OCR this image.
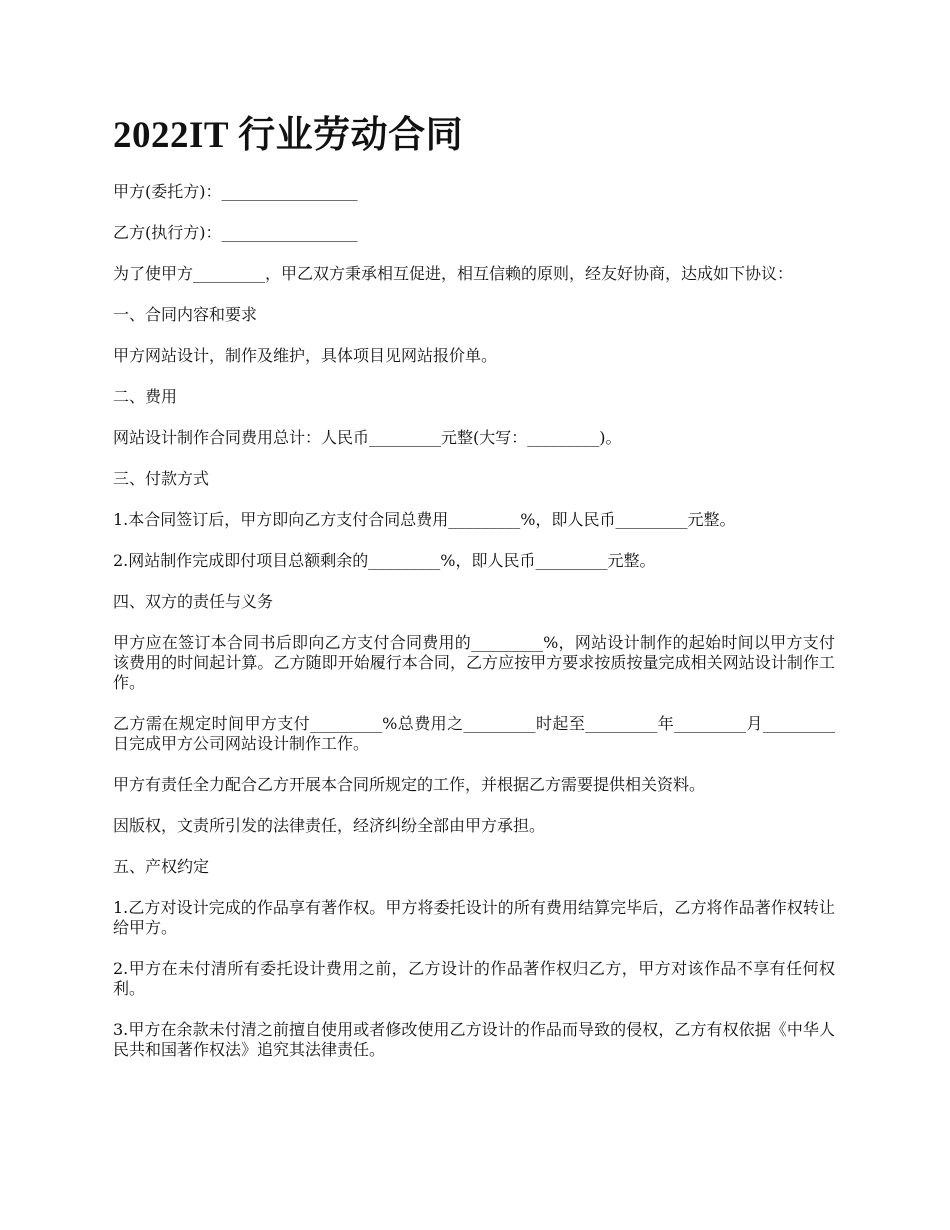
2022IT 行业劳动合同

甲方(委托方)：_________________

乙方(执行方)：_________________

为了使甲方_________，甲乙双方秉承相互促进，相互信赖的原则，经友好协商，达成如下协议：

一、合同内容和要求

甲方网站设计，制作及维护，具体项目见网站报价单。

二、费用

网站设计制作合同费用总计：人民币_________元整(大写：_________)。

三、付款方式

1.本合同签订后，甲方即向乙方支付合同总费用_________%，即人民币_________元整。

2.网站制作完成即付项目总额剩余的_________%，即人民币_________元整。

四、双方的责任与义务

甲方应在签订本合同书后即向乙方支付合同费用的_________%，网站设计制作的起始时间以甲方支付该费用的时间起计算。乙方随即开始履行本合同，乙方应按甲方要求按质按量完成相关网站设计制作工作。

乙方需在规定时间甲方支付_________%总费用之_________时起至_________年_________月_________日完成甲方公司网站设计制作工作。

甲方有责任全力配合乙方开展本合同所规定的工作，并根据乙方需要提供相关资料。

因版权，文责所引发的法律责任，经济纠纷全部由甲方承担。

五、产权约定

1.乙方对设计完成的作品享有著作权。甲方将委托设计的所有费用结算完毕后，乙方将作品著作权转让给甲方。

2.甲方在未付清所有委托设计费用之前，乙方设计的作品著作权归乙方，甲方对该作品不享有任何权利。

3.甲方在余款未付清之前擅自使用或者修改使用乙方设计的作品而导致的侵权，乙方有权依据《中华人民共和国著作权法》追究其法律责任。
